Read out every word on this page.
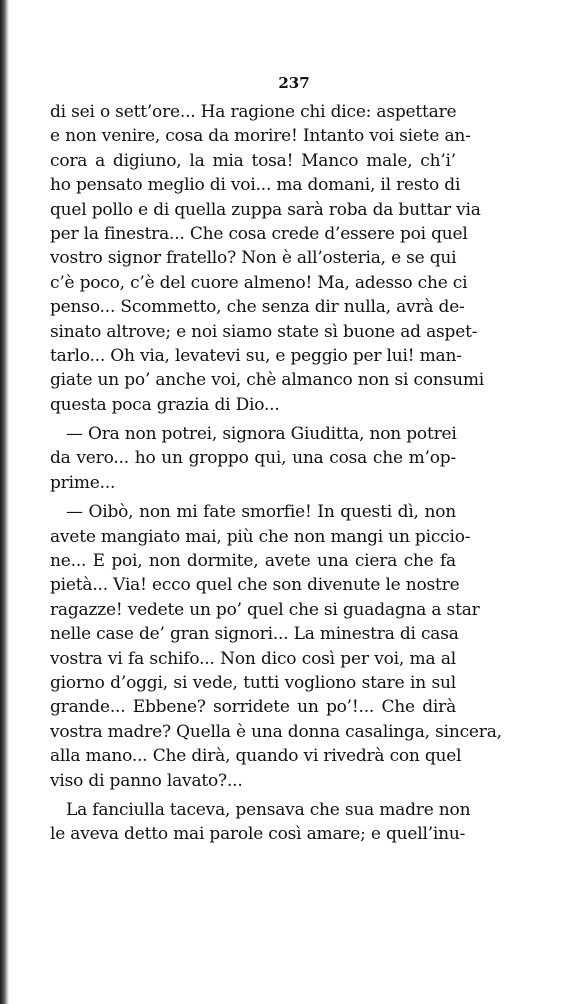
237

di sei o sett’ore... Ha ragione chi dice: aspettare
e non venire, cosa da morire! Intanto voi siete an-
cora a digiuno, la mia tosa! Manco male, ch’i’
ho pensato meglio di voi... ma domani, il resto di
quel pollo e di quella zuppa sarà roba da buttar via
per la finestra... Che cosa crede d’essere poi quel
vostro signor fratello? Non è all’osteria, e se qui
c’è poco, c’è del cuore almeno! Ma, adesso che ci
penso... Scommetto, che senza dir nulla, avrà de-
sinato altrove; e noi siamo state sì buone ad aspet-
tarlo... Oh via, levatevi su, e peggio per lui! man-
giate un po’ anche voi, chè almanco non si consumi
questa poca grazia di Dio...
— Ora non potrei, signora Giuditta, non potrei
da vero... ho un groppo qui, una cosa che m’op-
prime...
— Oibò, non mi fate smorfie! In questi dì, non
avete mangiato mai, più che non mangi un piccio-
ne... E poi, non dormite, avete una ciera che fa
pietà... Via! ecco quel che son divenute le nostre
ragazze! vedete un po’ quel che si guadagna a star
nelle case de’ gran signori... La minestra di casa
vostra vi fa schifo... Non dico così per voi, ma al
giorno d’oggi, si vede, tutti vogliono stare in sul
grande... Ebbene? sorridete un po’!... Che dirà
vostra madre? Quella è una donna casalinga, sincera,
alla mano... Che dirà, quando vi rivedrà con quel
viso di panno lavato?...
La fanciulla taceva, pensava che sua madre non
le aveva detto mai parole così amare; e quell’inu-
